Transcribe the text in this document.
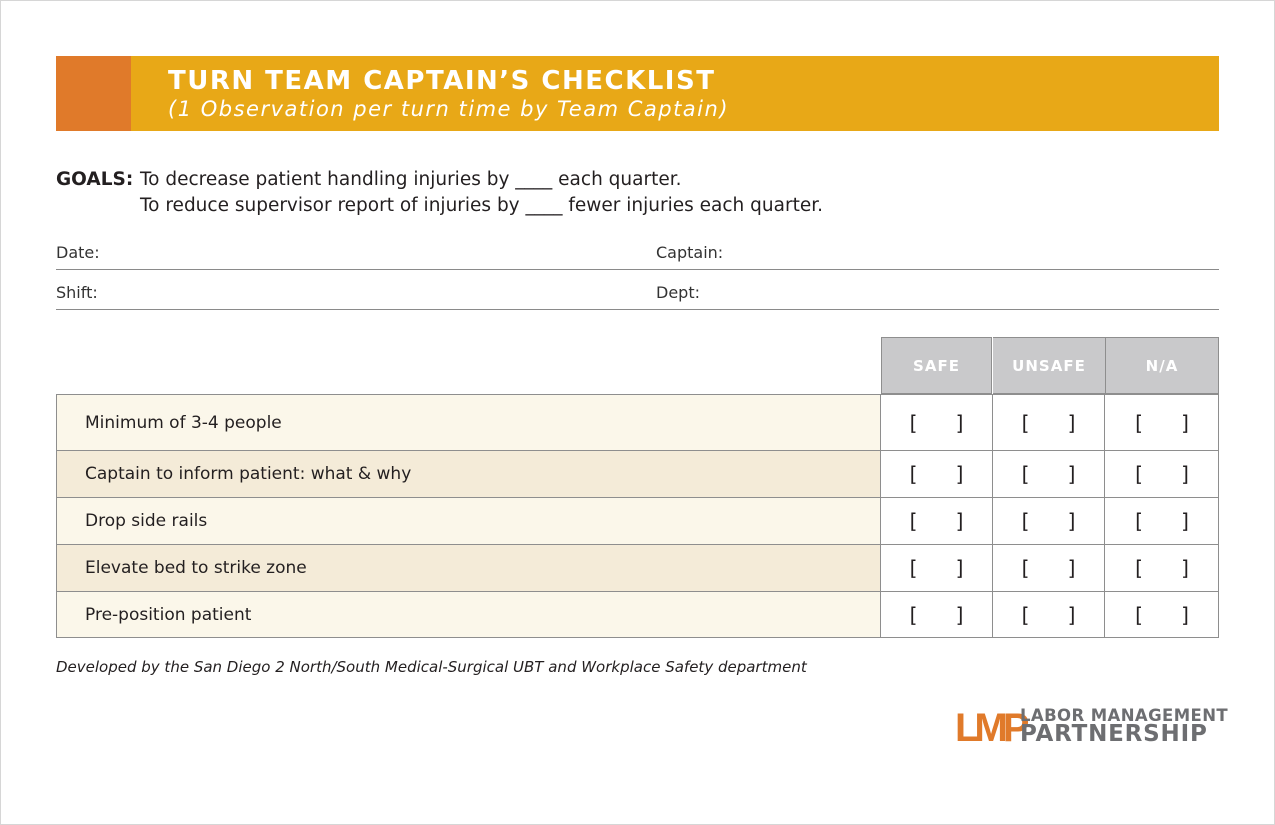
TURN TEAM CAPTAIN’S CHECKLIST
(1 Observation per turn time by Team Captain)
GOALS: To decrease patient handling injuries by ____ each quarter.
To reduce supervisor report of injuries by ____ fewer injuries each quarter.
Date:	Captain:
Shift:	Dept:
SAFE	UNSAFE	N/A
Minimum of 3-4 people	[      ]	[      ]	[      ]
Captain to inform patient: what & why	[      ]	[      ]	[      ]
Drop side rails	[      ]	[      ]	[      ]
Elevate bed to strike zone	[      ]	[      ]	[      ]
Pre-position patient	[      ]	[      ]	[      ]
Developed by the San Diego 2 North/South Medical-Surgical UBT and Workplace Safety department
LMP
LABOR MANAGEMENT
PARTNERSHIP
